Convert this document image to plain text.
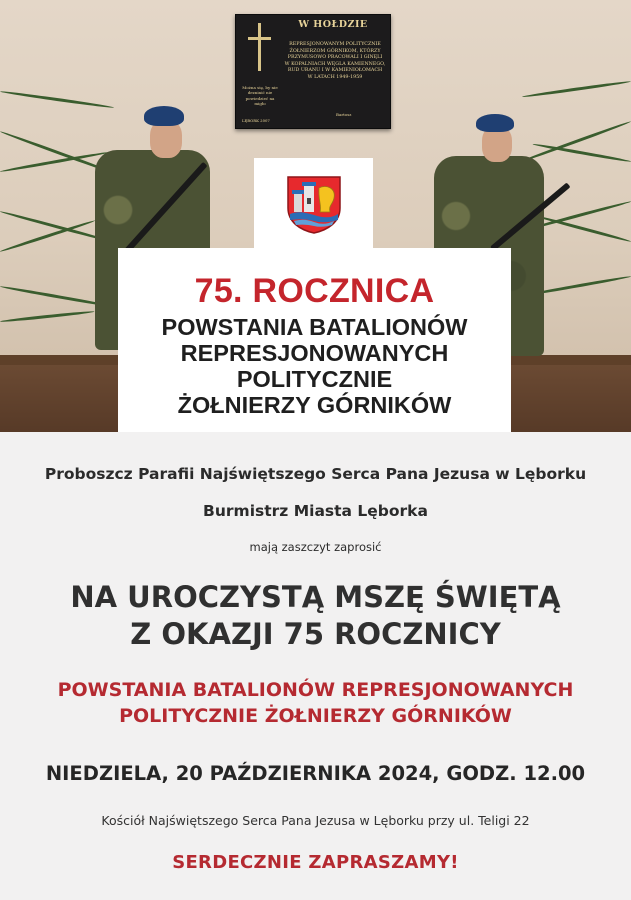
W HOŁDZIE
REPRESJONOWANYM POLITYCZNIE
ŻOŁNIERZOM GÓRNIKOM, KTÓRZY
PRZYMUSOWO PRACOWALI I GINĘLI
W KOPALNIACH WĘGLA KAMIENNEGO,
RUD URANU I W KAMIENIOŁOMACH
W LATACH 1949-1959
Można się, by nie dezninić nie powiedzieć na migło
LĘBORK 2007
Bartosz
75. ROCZNICA
POWSTANIA BATALIONÓW
REPRESJONOWANYCH
POLITYCZNIE
ŻOŁNIERZY GÓRNIKÓW
Proboszcz Parafii Najświętszego Serca Pana Jezusa w Lęborku
Burmistrz Miasta Lęborka
mają zaszczyt zaprosić
NA UROCZYSTĄ MSZĘ ŚWIĘTĄ
Z OKAZJI 75 ROCZNICY
POWSTANIA BATALIONÓW REPRESJONOWANYCH
POLITYCZNIE ŻOŁNIERZY GÓRNIKÓW
NIEDZIELA, 20 PAŹDZIERNIKA 2024, GODZ. 12.00
Kościół Najświętszego Serca Pana Jezusa w Lęborku przy ul. Teligi 22
SERDECZNIE ZAPRASZAMY!
